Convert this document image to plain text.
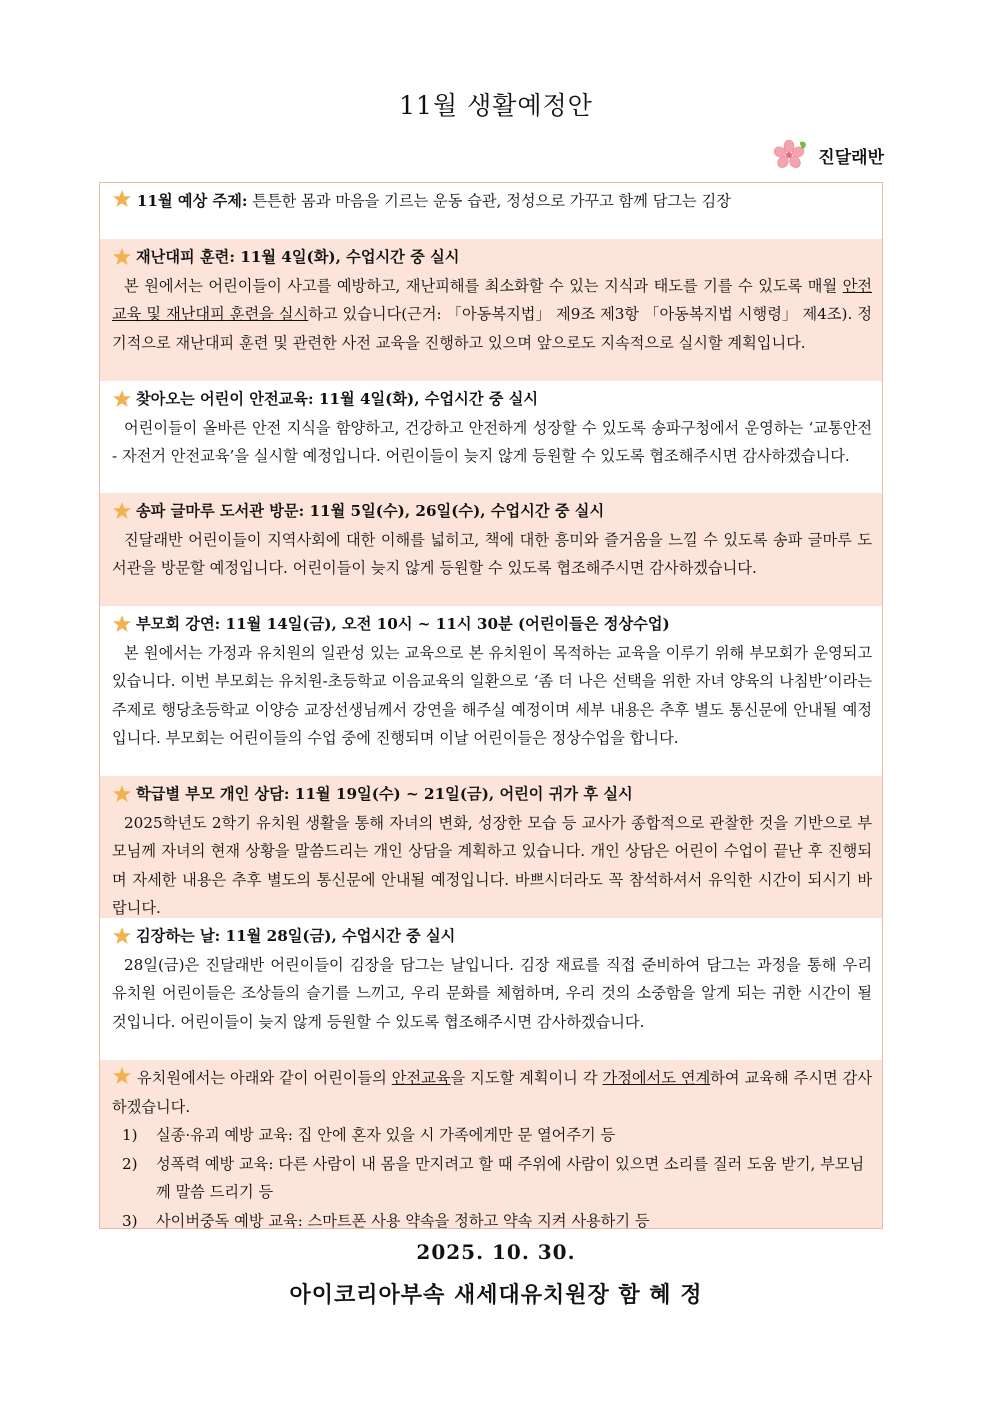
11월 생활예정안
진달래반
11월 예상 주제: 튼튼한 몸과 마음을 기르는 운동 습관, 정성으로 가꾸고 함께 담그는 김장
재난대피 훈련: 11월 4일(화), 수업시간 중 실시
본 원에서는 어린이들이 사고를 예방하고, 재난피해를 최소화할 수 있는 지식과 태도를 기를 수 있도록 매월 안전교육 및 재난대피 훈련을 실시하고 있습니다(근거: 「아동복지법」 제9조 제3항 「아동복지법 시행령」 제4조). 정기적으로 재난대피 훈련 및 관련한 사전 교육을 진행하고 있으며 앞으로도 지속적으로 실시할 계획입니다.
찾아오는 어린이 안전교육: 11월 4일(화), 수업시간 중 실시
어린이들이 올바른 안전 지식을 함양하고, 건강하고 안전하게 성장할 수 있도록 송파구청에서 운영하는 ‘교통안전 - 자전거 안전교육’을 실시할 예정입니다. 어린이들이 늦지 않게 등원할 수 있도록 협조해주시면 감사하겠습니다.
송파 글마루 도서관 방문: 11월 5일(수), 26일(수), 수업시간 중 실시
진달래반 어린이들이 지역사회에 대한 이해를 넓히고, 책에 대한 흥미와 즐거움을 느낄 수 있도록 송파 글마루 도서관을 방문할 예정입니다. 어린이들이 늦지 않게 등원할 수 있도록 협조해주시면 감사하겠습니다.
부모회 강연: 11월 14일(금), 오전 10시 ~ 11시 30분 (어린이들은 정상수업)
본 원에서는 가정과 유치원의 일관성 있는 교육으로 본 유치원이 목적하는 교육을 이루기 위해 부모회가 운영되고 있습니다. 이번 부모회는 유치원-초등학교 이음교육의 일환으로 ‘좀 더 나은 선택을 위한 자녀 양육의 나침반’이라는 주제로 행당초등학교 이양승 교장선생님께서 강연을 해주실 예정이며 세부 내용은 추후 별도 통신문에 안내될 예정입니다. 부모회는 어린이들의 수업 중에 진행되며 이날 어린이들은 정상수업을 합니다.
학급별 부모 개인 상담: 11월 19일(수) ~ 21일(금), 어린이 귀가 후 실시
2025학년도 2학기 유치원 생활을 통해 자녀의 변화, 성장한 모습 등 교사가 종합적으로 관찰한 것을 기반으로 부모님께 자녀의 현재 상황을 말씀드리는 개인 상담을 계획하고 있습니다. 개인 상담은 어린이 수업이 끝난 후 진행되며 자세한 내용은 추후 별도의 통신문에 안내될 예정입니다. 바쁘시더라도 꼭 참석하셔서 유익한 시간이 되시기 바랍니다.
김장하는 날: 11월 28일(금), 수업시간 중 실시
28일(금)은 진달래반 어린이들이 김장을 담그는 날입니다. 김장 재료를 직접 준비하여 담그는 과정을 통해 우리 유치원 어린이들은 조상들의 슬기를 느끼고, 우리 문화를 체험하며, 우리 것의 소중함을 알게 되는 귀한 시간이 될 것입니다. 어린이들이 늦지 않게 등원할 수 있도록 협조해주시면 감사하겠습니다.
유치원에서는 아래와 같이 어린이들의 안전교육을 지도할 계획이니 각 가정에서도 연계하여 교육해 주시면 감사하겠습니다.
1)	실종·유괴 예방 교육: 집 안에 혼자 있을 시 가족에게만 문 열어주기 등
2)	성폭력 예방 교육: 다른 사람이 내 몸을 만지려고 할 때 주위에 사람이 있으면 소리를 질러 도움 받기, 부모님께 말씀 드리기 등
3)	사이버중독 예방 교육: 스마트폰 사용 약속을 정하고 약속 지켜 사용하기 등
2025. 10. 30.
아이코리아부속 새세대유치원장 함 혜 정
